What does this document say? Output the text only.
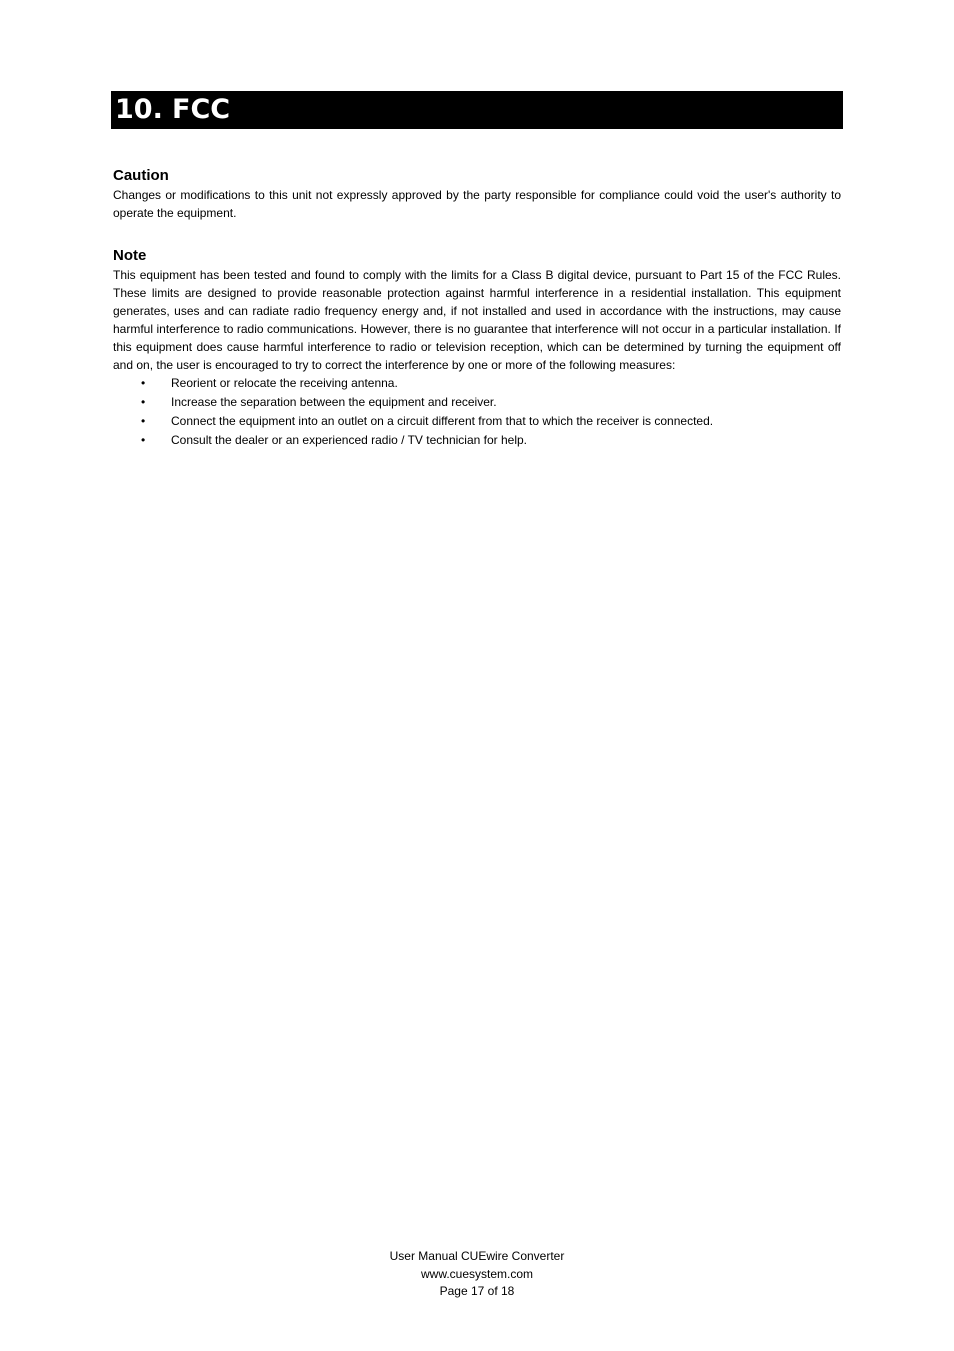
10. FCC
Caution

Changes or modifications to this unit not expressly approved by the party responsible for compliance could void the user's authority to operate the equipment.

Note

This equipment has been tested and found to comply with the limits for a Class B digital device, pursuant to Part 15 of the FCC Rules. These limits are designed to provide reasonable protection against harmful interference in a residential installation. This equipment generates, uses and can radiate radio frequency energy and, if not installed and used in accordance with the instructions, may cause harmful interference to radio communications. However, there is no guarantee that interference will not occur in a particular installation. If this equipment does cause harmful interference to radio or television reception, which can be determined by turning the equipment off and on, the user is encouraged to try to correct the interference by one or more of the following measures:

• Reorient or relocate the receiving antenna.
• Increase the separation between the equipment and receiver.
• Connect the equipment into an outlet on a circuit different from that to which the receiver is connected.
• Consult the dealer or an experienced radio / TV technician for help.
User Manual CUEwire Converter
www.cuesystem.com
Page 17 of 18
